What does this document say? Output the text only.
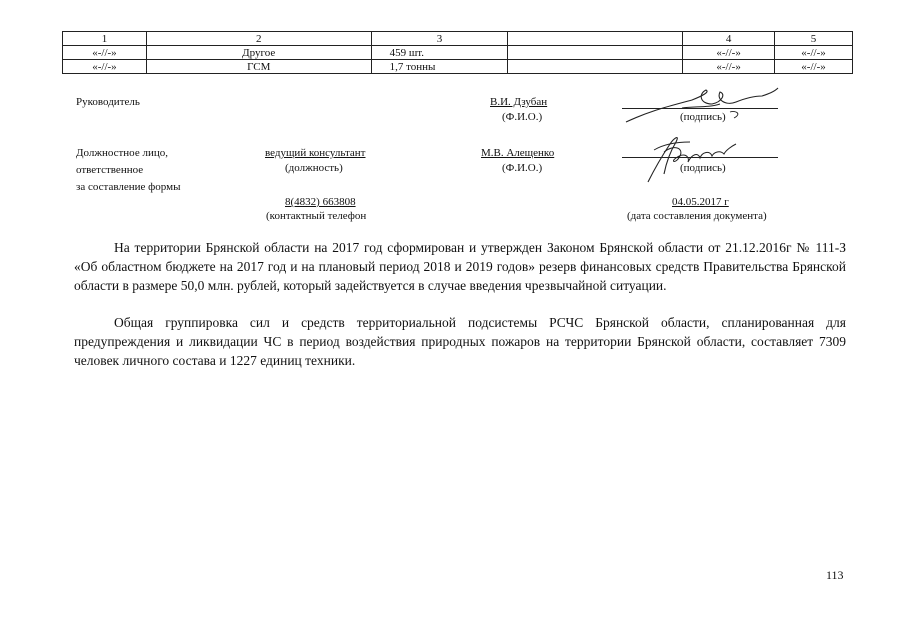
1	2	3		4	5
«-//-»	Другое	459 шт.		«-//-»	«-//-»
«-//-»	ГСМ	1,7 тонны		«-//-»	«-//-»
Руководитель	В.И. Дзубан
(Ф.И.О.)	(подпись)
Должностное лицо,
ответственное
за составление формы
ведущий консультант
(должность)
М.В. Алещенко
(Ф.И.О.)	(подпись)
8(4832) 663808
(контактный телефон
04.05.2017 г
(дата составления документа)

На территории Брянской области на 2017 год сформирован и утвержден Законом Брянской области от 21.12.2016г № 111-З «Об областном бюджете на 2017 год и на плановый период 2018 и 2019 годов» резерв финансовых средств Правительства Брянской области в размере 50,0 млн. рублей, который задействуется в случае введения чрезвычайной ситуации.

Общая группировка сил и средств территориальной подсистемы РСЧС Брянской области, спланированная для предупреждения и ликвидации ЧС в период воздействия природных пожаров на территории Брянской области, составляет 7309 человек личного состава и 1227 единиц техники.

113
